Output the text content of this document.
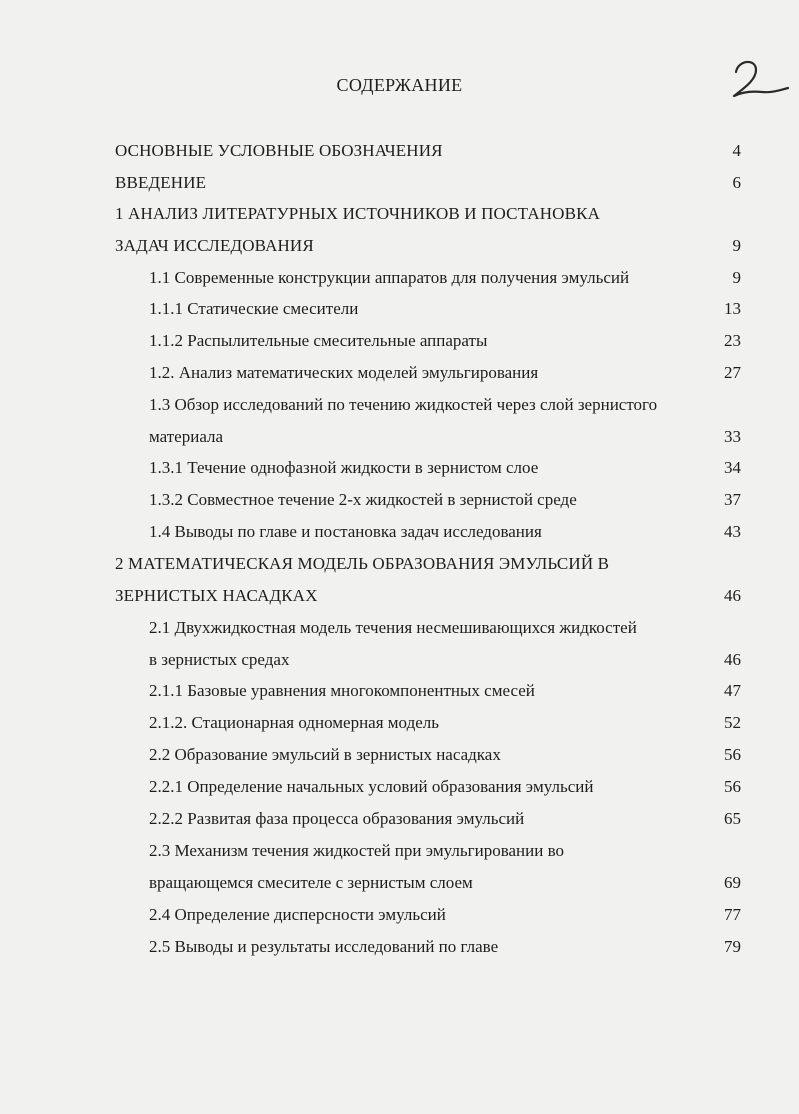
СОДЕРЖАНИЕ
ОСНОВНЫЕ УСЛОВНЫЕ ОБОЗНАЧЕНИЯ	4
ВВЕДЕНИЕ	6
1 АНАЛИЗ ЛИТЕРАТУРНЫХ ИСТОЧНИКОВ И ПОСТАНОВКА
ЗАДАЧ ИССЛЕДОВАНИЯ	9
1.1 Современные конструкции аппаратов для получения эмульсий	9
1.1.1 Статические смесители	13
1.1.2 Распылительные смесительные аппараты	23
1.2. Анализ математических моделей эмульгирования	27
1.3 Обзор исследований по течению жидкостей через слой зернистого
материала	33
1.3.1 Течение однофазной жидкости в зернистом слое	34
1.3.2 Совместное течение 2-х жидкостей в зернистой среде	37
1.4 Выводы по главе и постановка задач исследования	43
2 МАТЕМАТИЧЕСКАЯ МОДЕЛЬ ОБРАЗОВАНИЯ ЭМУЛЬСИЙ В
ЗЕРНИСТЫХ НАСАДКАХ	46
2.1 Двухжидкостная модель течения несмешивающихся жидкостей
в зернистых средах	46
2.1.1 Базовые уравнения многокомпонентных смесей	47
2.1.2. Стационарная одномерная модель	52
2.2 Образование эмульсий в зернистых насадках	56
2.2.1 Определение начальных условий образования эмульсий	56
2.2.2 Развитая фаза процесса образования эмульсий	65
2.3 Механизм течения жидкостей при эмульгировании во
вращающемся смесителе с зернистым слоем	69
2.4 Определение дисперсности эмульсий	77
2.5 Выводы и результаты исследований по главе	79
